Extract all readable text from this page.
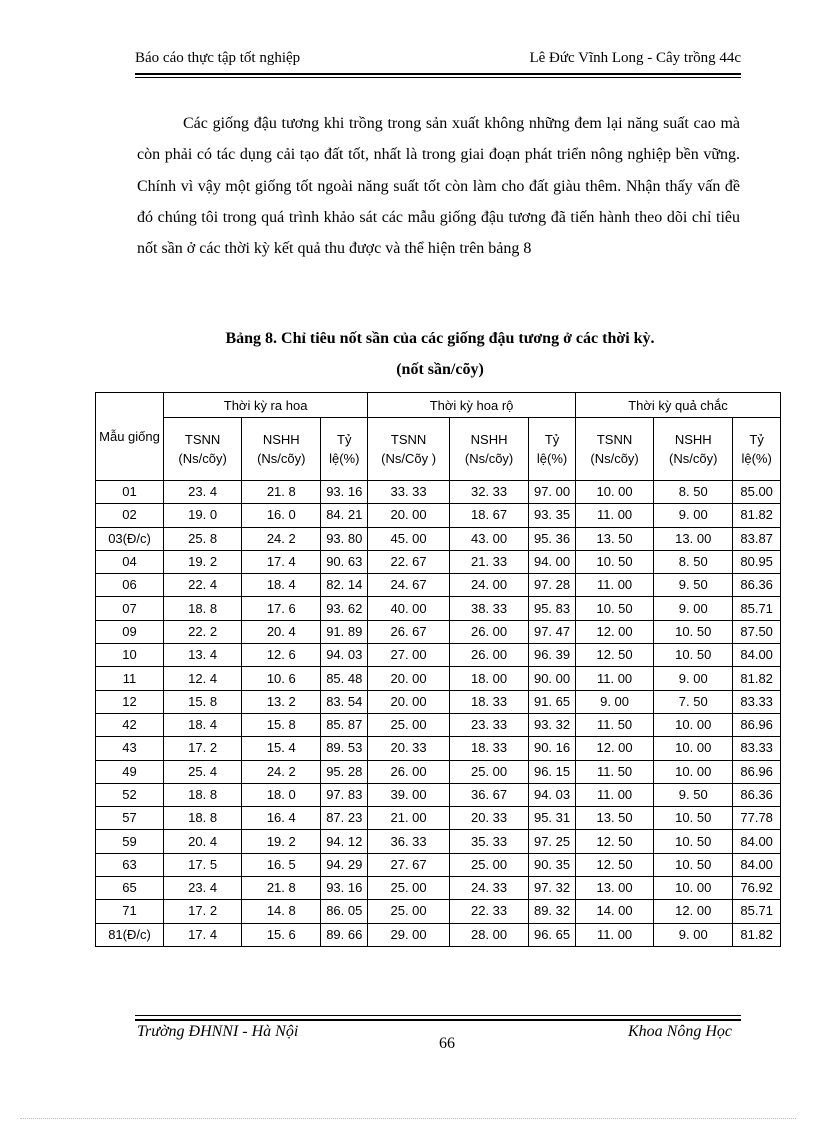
Báo cáo thực tập tốt nghiệp	Lê Đức Vĩnh Long - Cây trồng 44c

Các giống đậu tương khi trồng trong sản xuất không những đem lại năng suất cao mà còn phải có tác dụng cải tạo đất tốt, nhất là trong giai đoạn phát triển nông nghiệp bền vững. Chính vì vậy một giống tốt ngoài năng suất tốt còn làm cho đất giàu thêm. Nhận thấy vấn đề đó chúng tôi trong quá trình khảo sát các mẫu giống đậu tương đã tiến hành theo dõi chỉ tiêu nốt sần ở các thời kỳ kết quả thu được và thể hiện trên bảng 8

Bảng 8. Chỉ tiêu nốt sần của các giống đậu tương ở các thời kỳ.
(nốt sần/cõy)
Mẫu giống	Thời kỳ ra hoa			Thời kỳ hoa rộ			Thời kỳ quả chắc		
	TSNN (Ns/cõy)	NSHH (Ns/cõy)	Tỷ lệ(%)	TSNN (Ns/Cõy )	NSHH (Ns/cõy)	Tỷ lệ(%)	TSNN (Ns/cõy)	NSHH (Ns/cõy)	Tỷ lệ(%)
01	23. 4	21. 8	93. 16	33. 33	32. 33	97. 00	10. 00	8. 50	85.00
02	19. 0	16. 0	84. 21	20. 00	18. 67	93. 35	11. 00	9. 00	81.82
03(Đ/c)	25. 8	24. 2	93. 80	45. 00	43. 00	95. 36	13. 50	13. 00	83.87
04	19. 2	17. 4	90. 63	22. 67	21. 33	94. 00	10. 50	8. 50	80.95
06	22. 4	18. 4	82. 14	24. 67	24. 00	97. 28	11. 00	9. 50	86.36
07	18. 8	17. 6	93. 62	40. 00	38. 33	95. 83	10. 50	9. 00	85.71
09	22. 2	20. 4	91. 89	26. 67	26. 00	97. 47	12. 00	10. 50	87.50
10	13. 4	12. 6	94. 03	27. 00	26. 00	96. 39	12. 50	10. 50	84.00
11	12. 4	10. 6	85. 48	20. 00	18. 00	90. 00	11. 00	9. 00	81.82
12	15. 8	13. 2	83. 54	20. 00	18. 33	91. 65	9. 00	7. 50	83.33
42	18. 4	15. 8	85. 87	25. 00	23. 33	93. 32	11. 50	10. 00	86.96
43	17. 2	15. 4	89. 53	20. 33	18. 33	90. 16	12. 00	10. 00	83.33
49	25. 4	24. 2	95. 28	26. 00	25. 00	96. 15	11. 50	10. 00	86.96
52	18. 8	18. 0	97. 83	39. 00	36. 67	94. 03	11. 00	9. 50	86.36
57	18. 8	16. 4	87. 23	21. 00	20. 33	95. 31	13. 50	10. 50	77.78
59	20. 4	19. 2	94. 12	36. 33	35. 33	97. 25	12. 50	10. 50	84.00
63	17. 5	16. 5	94. 29	27. 67	25. 00	90. 35	12. 50	10. 50	84.00
65	23. 4	21. 8	93. 16	25. 00	24. 33	97. 32	13. 00	10. 00	76.92
71	17. 2	14. 8	86. 05	25. 00	22. 33	89. 32	14. 00	12. 00	85.71
81(Đ/c)	17. 4	15. 6	89. 66	29. 00	28. 00	96. 65	11. 00	9. 00	81.82
Trường ĐHNNI - Hà Nội	Khoa Nông Học
66
